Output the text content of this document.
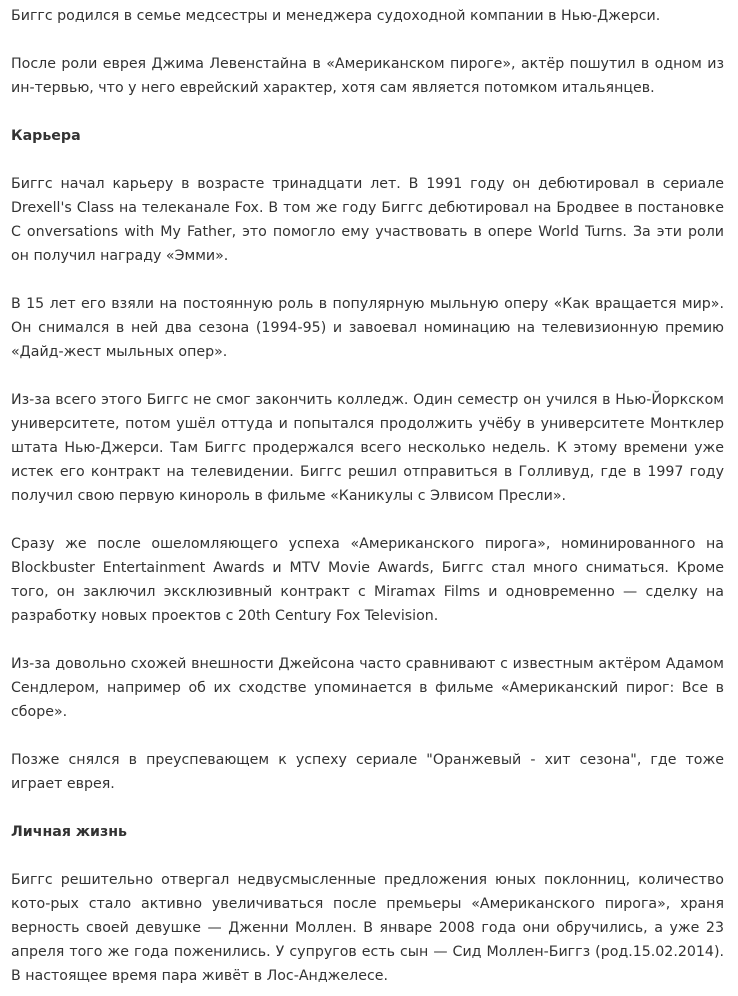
Биггс родился в семье медсестры и менеджера судоходной компании в Нью-Джерси.

После роли еврея Джима Левенстайна в «Американском пироге», актёр пошутил в одном из ин-тервью, что у него еврейский характер, хотя сам является потомком итальянцев.

Карьера

Биггс начал карьеру в возрасте тринадцати лет. В 1991 году он дебютировал в сериале Drexell's Class на телеканале Fox. В том же году Биггс дебютировал на Бродвее в постановке C onversations with My Father, это помогло ему участвовать в опере World Turns. За эти роли он получил награду «Эмми».

В 15 лет его взяли на постоянную роль в популярную мыльную оперу «Как вращается мир». Он снимался в ней два сезона (1994-95) и завоевал номинацию на телевизионную премию «Дайд-жест мыльных опер».

Из-за всего этого Биггс не смог закончить колледж. Один семестр он учился в Нью-Йоркском университете, потом ушёл оттуда и попытался продолжить учёбу в университете Монтклер штата Нью-Джерси. Там Биггс продержался всего несколько недель. К этому времени уже истек его контракт на телевидении. Биггс решил отправиться в Голливуд, где в 1997 году получил свою первую кинороль в фильме «Каникулы с Элвисом Пресли».

Сразу же после ошеломляющего успеха «Американского пирога», номинированного на Blockbuster Entertainment Awards и MTV Movie Awards, Биггс стал много сниматься. Кроме того, он заключил эксклюзивный контракт с Miramax Films и одновременно — сделку на разработку новых проектов с 20th Century Fox Television.

Из-за довольно схожей внешности Джейсона часто сравнивают с известным актёром Адамом Сендлером, например об их сходстве упоминается в фильме «Американский пирог: Все в сборе».

Позже снялся в преуспевающем к успеху сериале "Оранжевый - хит сезона", где тоже играет еврея.

Личная жизнь

Биггс решительно отвергал недвусмысленные предложения юных поклонниц, количество кото-рых стало активно увеличиваться после премьеры «Американского пирога», храня верность своей девушке — Дженни Моллен. В январе 2008 года они обручились, а уже 23 апреля того же года поженились. У супругов есть сын — Сид Моллен-Биггз (род.15.02.2014). В настоящее время пара живёт в Лос-Анджелесе.
